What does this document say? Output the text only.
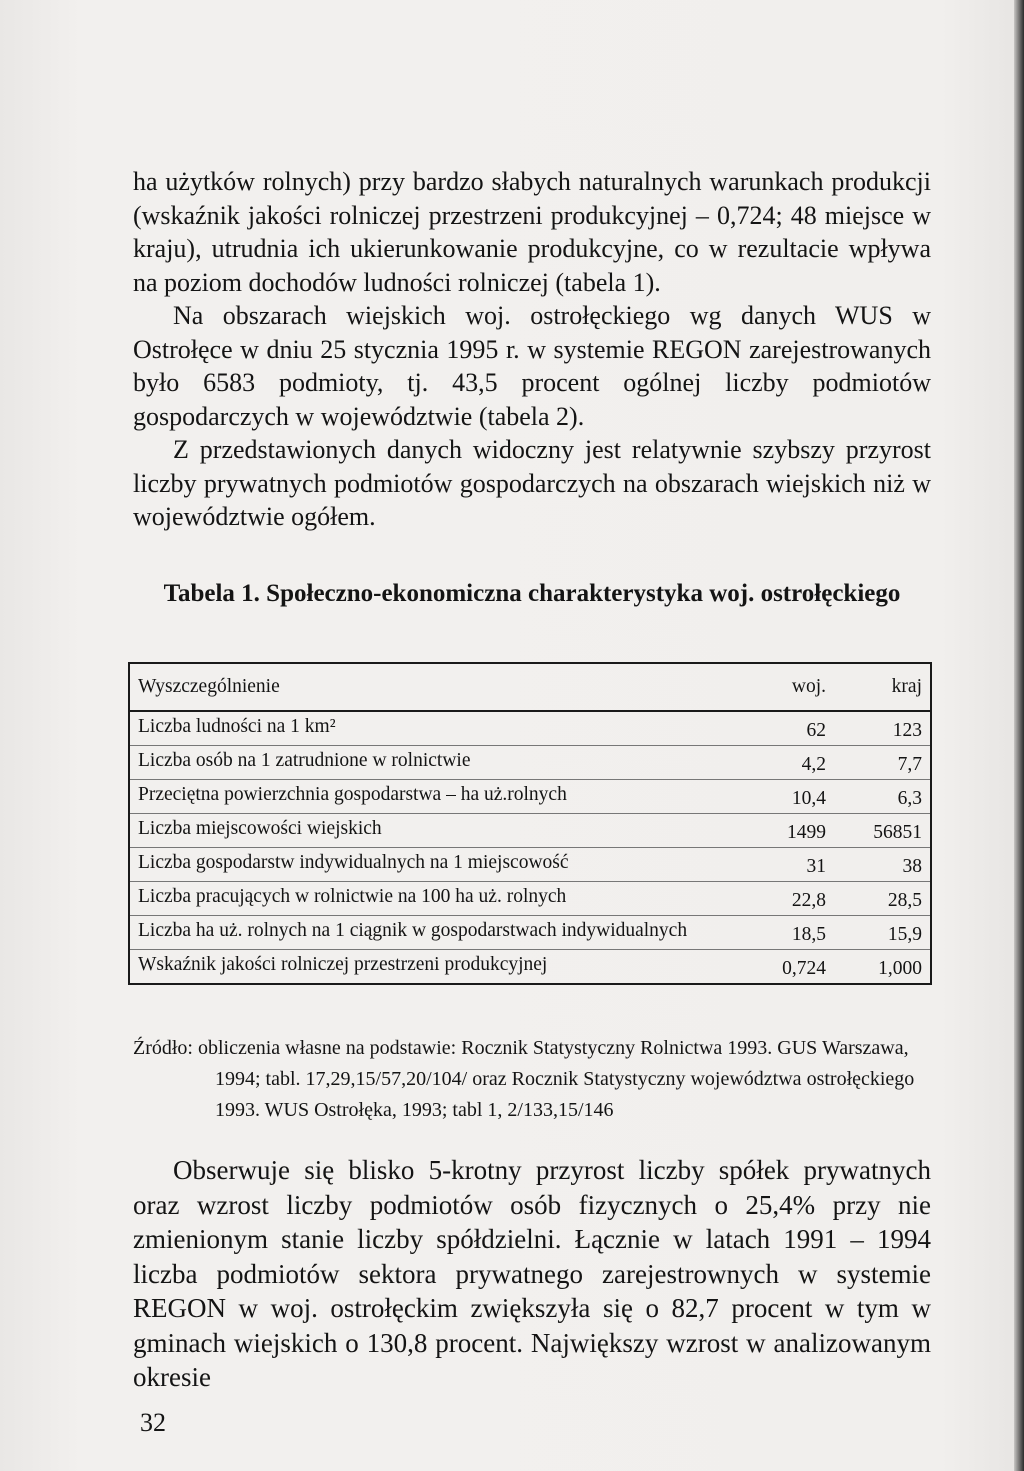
ha użytków rolnych) przy bardzo słabych naturalnych warunkach produkcji (wskaźnik jakości rolniczej przestrzeni produkcyjnej – 0,724; 48 miejsce w kraju), utrudnia ich ukierunkowanie produkcyjne, co w rezultacie wpływa na poziom dochodów ludności rolniczej (tabela 1).

Na obszarach wiejskich woj. ostrołęckiego wg danych WUS w Ostrołęce w dniu 25 stycznia 1995 r. w systemie REGON zarejestrowanych było 6583 podmioty, tj. 43,5 procent ogólnej liczby podmiotów gospodarczych w województwie (tabela 2).

Z przedstawionych danych widoczny jest relatywnie szybszy przyrost liczby prywatnych podmiotów gospodarczych na obszarach wiejskich niż w województwie ogółem.

Tabela 1. Społeczno-ekonomiczna charakterystyka woj. ostrołęckiego

Wyszczególnienie	woj.	kraj
Liczba ludności na 1 km²	62	123
Liczba osób na 1 zatrudnione w rolnictwie	4,2	7,7
Przeciętna powierzchnia gospodarstwa – ha uż.rolnych	10,4	6,3
Liczba miejscowości wiejskich	1499	56851
Liczba gospodarstw indywidualnych na 1 miejscowość	31	38
Liczba pracujących w rolnictwie na 100 ha uż. rolnych	22,8	28,5
Liczba ha uż. rolnych na 1 ciągnik w gospodarstwach indywidualnych	18,5	15,9
Wskaźnik jakości rolniczej przestrzeni produkcyjnej	0,724	1,000

Źródło: obliczenia własne na podstawie: Rocznik Statystyczny Rolnictwa 1993. GUS Warszawa, 1994; tabl. 17,29,15/57,20/104/ oraz Rocznik Statystyczny województwa ostrołęckiego 1993. WUS Ostrołęka, 1993; tabl 1, 2/133,15/146

Obserwuje się blisko 5-krotny przyrost liczby spółek prywatnych oraz wzrost liczby podmiotów osób fizycznych o 25,4% przy nie zmienionym stanie liczby spółdzielni. Łącznie w latach 1991 – 1994 liczba podmiotów sektora prywatnego zarejestrownych w systemie REGON w woj. ostrołęckim zwiększyła się o 82,7 procent w tym w gminach wiejskich o 130,8 procent. Największy wzrost w analizowanym okresie

32
